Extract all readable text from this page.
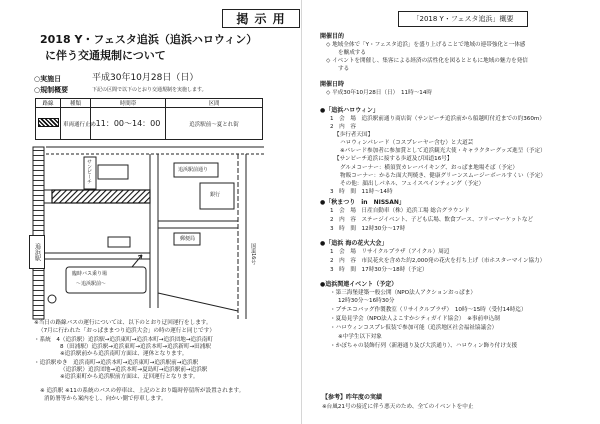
掲 示 用
2018 Y・フェスタ追浜（追浜ハロウィン）
に伴う交通規制について
○実施日	平成30年10月28日（日）
○規制概要	下記の区間で以下のとおり交通規制を実施します。
路線	種類	時間帯	区間
	車両通行止め	11：00～14：00	追浜駅前～夏とれ街
追浜駅
サンピーチ	追浜駅前通り
銀行
郵便局
国道16号
臨時バス乗り場
～追浜駅前～
※当日の路線バスの運行については、以下のとおり迂回運行をします。
（7月に行われた「おっぱままつり追浜大会」の時の運行と同じです）
・系統　4（追浜駅）追浜駅→追浜東町→追浜本町→追浜団地→追浜南町
8（田浦駅）追浜駅→追浜東町→追浜本町→追浜新町→田浦駅
※追浜駅前から追浜南町方面は、運休となります。
・追浜駅ゆき　追浜南町→追浜本町→追浜東町→追浜駅前→追浜駅
（追浜駅）追浜団地→追浜本町→夏島町→追浜駅前→追浜駅
※追浜東町から追浜駅前方面は、迂回運行となります。
※ 追浜駅 ※11の系統のバスの停車は、上記のとおり臨時停留所が設置されます。
消防署等から案内をし、向かい側で停車します。
「2018 Y・フェスタ追浜」概要
開催目的
◇ 地域全体で「Y・フェスタ追浜」を盛り上げることで地域の連帯強化と一体感
を醸成する
◇ イベントを開催し、集客による経済の活性化を図るとともに地域の魅力を発信
する
開催日時
◇ 平成30年10月28日（日）　11時～14時
●「追浜ハロウィン」
1　会　場　追浜駅前通り商店街（サンピーチ追浜前から船越町付近までの約360m）
2　内　容
【歩行者天国】
ハロウィンパレード（コスプレーヤー含む）と大道芸
※パレード参加者に参加賞として追浜観光大使・キャラクターグッズ進呈（予定）
【サンピーチ追浜に接する歩道及び国道16号】
グルメコーナー：横須賀カレーバイキング、おっぱま地場そば（予定）
物販コーナー：かるた面大判焼き、健康グリーンスムージーボールすくい（予定）
その他：顔出しパネル、フェイスペインティング（予定）
3　時　間　11時～14時
●「秋まつり　in　NISSAN」
1　会　場　日産自動車（株）追浜工場 総合グラウンド
2　内　容　ステージイベント、子ども広場、飲食ブース、フリーマーケットなど
3　時　間　12時30分～17時
●「追浜 海の花火大会」
1　会　場　リサイクルプラザ（アイクル）周辺
2　内　容　市民花火を含めた約2,000発の花火を打ち上げ（市ホスターマイン協力）
3　時　間　17時30分～18時（予定）
●追浜関連イベント（予定）
・第三海堡建築一般公開（NPO法人アクションおっぱま）
12時30分～16時30分
・プチエコバッグ作製教室（リサイクルプラザ）　10時～15時（受付14時迄）
・夏島見学会（NPO法人よこすかシティガイド協会）　※事前申込制
・ハロウィンコスプレ仮装で参加可能（追浜地区社会福祉協議会）
※中学生以下対象
・かぼちゃの装飾行列（新港通り及び大浜通り）、ハロウィン飾り付け支援
【参考】昨年度の実績
※台風21号の接近に伴う悪天のため、全てのイベントを中止
